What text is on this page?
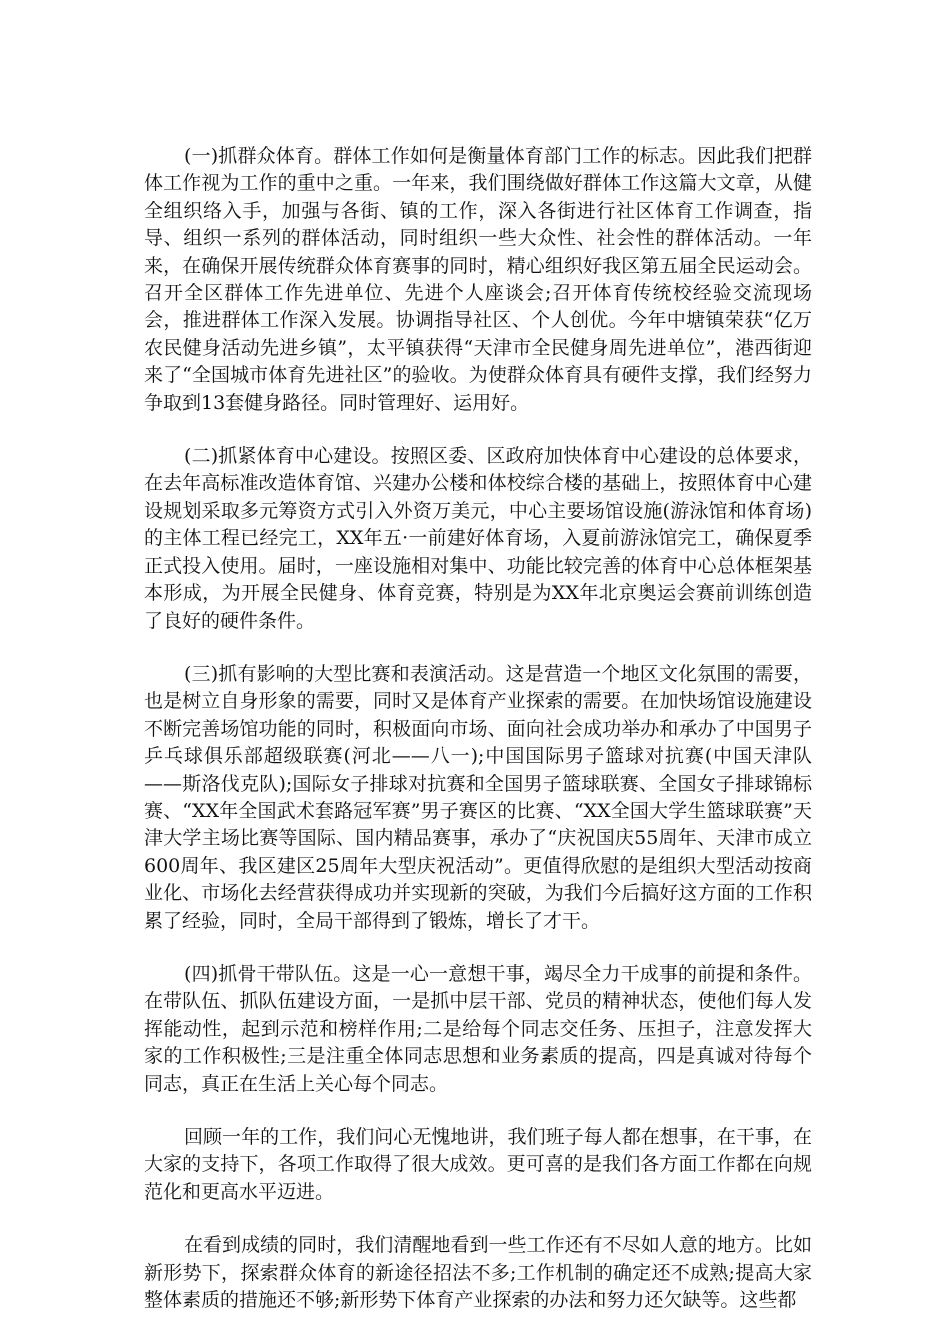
(一)抓群众体育。群体工作如何是衡量体育部门工作的标志。因此我们把群体工作视为工作的重中之重。一年来，我们围绕做好群体工作这篇大文章，从健全组织络入手，加强与各街、镇的工作，深入各街进行社区体育工作调查，指导、组织一系列的群体活动，同时组织一些大众性、社会性的群体活动。一年来，在确保开展传统群众体育赛事的同时，精心组织好我区第五届全民运动会。召开全区群体工作先进单位、先进个人座谈会;召开体育传统校经验交流现场会，推进群体工作深入发展。协调指导社区、个人创优。今年中塘镇荣获“亿万农民健身活动先进乡镇”，太平镇获得“天津市全民健身周先进单位”，港西街迎来了“全国城市体育先进社区”的验收。为使群众体育具有硬件支撑，我们经努力争取到13套健身路径。同时管理好、运用好。

(二)抓紧体育中心建设。按照区委、区政府加快体育中心建设的总体要求，在去年高标准改造体育馆、兴建办公楼和体校综合楼的基础上，按照体育中心建设规划采取多元筹资方式引入外资万美元，中心主要场馆设施(游泳馆和体育场)的主体工程已经完工，XX年五·一前建好体育场，入夏前游泳馆完工，确保夏季正式投入使用。届时，一座设施相对集中、功能比较完善的体育中心总体框架基本形成，为开展全民健身、体育竞赛，特别是为XX年北京奥运会赛前训练创造了良好的硬件条件。

(三)抓有影响的大型比赛和表演活动。这是营造一个地区文化氛围的需要，也是树立自身形象的需要，同时又是体育产业探索的需要。在加快场馆设施建设不断完善场馆功能的同时，积极面向市场、面向社会成功举办和承办了中国男子乒乓球俱乐部超级联赛(河北——八一);中国国际男子篮球对抗赛(中国天津队——斯洛伐克队);国际女子排球对抗赛和全国男子篮球联赛、全国女子排球锦标赛、“XX年全国武术套路冠军赛”男子赛区的比赛、“XX全国大学生篮球联赛”天津大学主场比赛等国际、国内精品赛事，承办了“庆祝国庆55周年、天津市成立600周年、我区建区25周年大型庆祝活动”。更值得欣慰的是组织大型活动按商业化、市场化去经营获得成功并实现新的突破，为我们今后搞好这方面的工作积累了经验，同时，全局干部得到了锻炼，增长了才干。

(四)抓骨干带队伍。这是一心一意想干事，竭尽全力干成事的前提和条件。在带队伍、抓队伍建设方面，一是抓中层干部、党员的精神状态，使他们每人发挥能动性，起到示范和榜样作用;二是给每个同志交任务、压担子，注意发挥大家的工作积极性;三是注重全体同志思想和业务素质的提高，四是真诚对待每个同志，真正在生活上关心每个同志。

回顾一年的工作，我们问心无愧地讲，我们班子每人都在想事，在干事，在大家的支持下，各项工作取得了很大成效。更可喜的是我们各方面工作都在向规范化和更高水平迈进。

在看到成绩的同时，我们清醒地看到一些工作还有不尽如人意的地方。比如新形势下，探索群众体育的新途径招法不多;工作机制的确定还不成熟;提高大家整体素质的措施还不够;新形势下体育产业探索的办法和努力还欠缺等。这些都
